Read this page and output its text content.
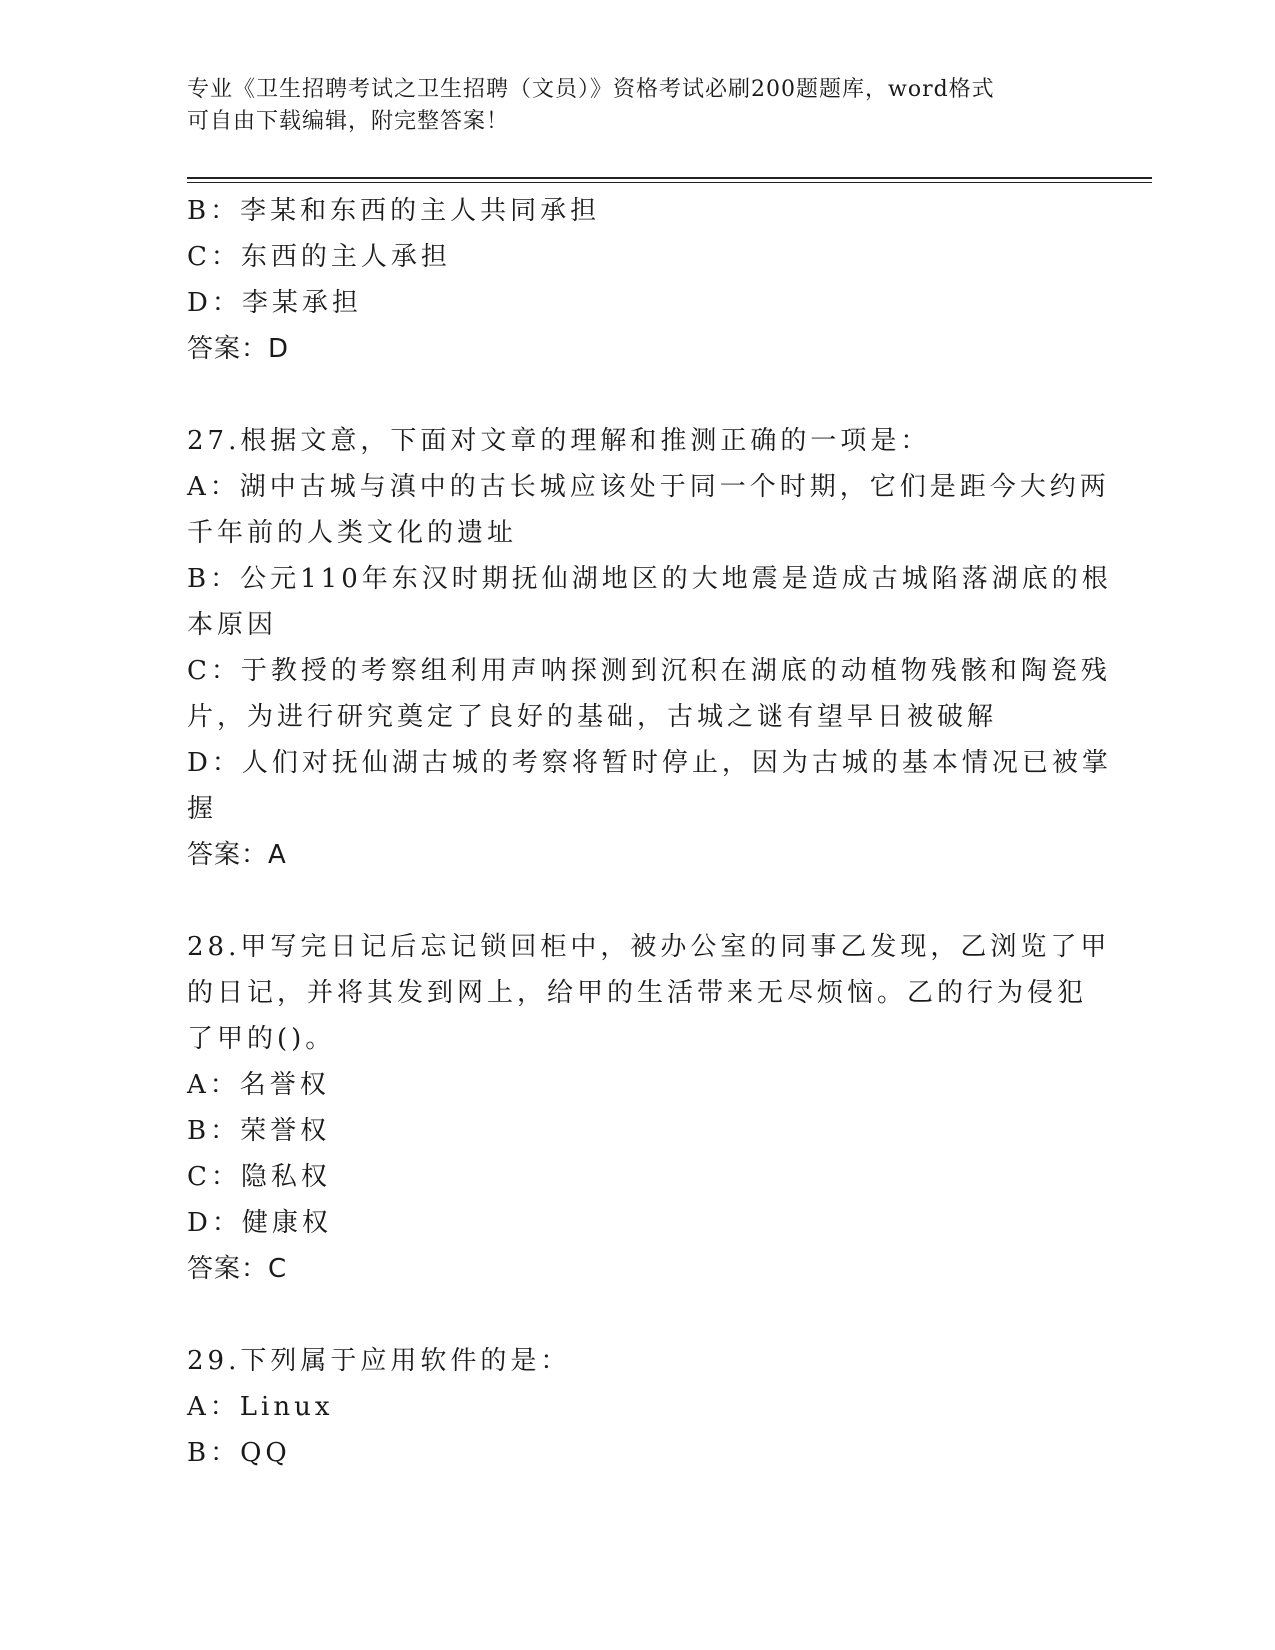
专业《卫生招聘考试之卫生招聘（文员）》资格考试必刷200题题库，word格式
可自由下载编辑，附完整答案！
B：李某和东西的主人共同承担
C：东西的主人承担
D：李某承担
答案：D
27.根据文意，下面对文章的理解和推测正确的一项是：
A：湖中古城与滇中的古长城应该处于同一个时期，它们是距今大约两
千年前的人类文化的遗址
B：公元110年东汉时期抚仙湖地区的大地震是造成古城陷落湖底的根
本原因
C：于教授的考察组利用声呐探测到沉积在湖底的动植物残骸和陶瓷残
片，为进行研究奠定了良好的基础，古城之谜有望早日被破解
D：人们对抚仙湖古城的考察将暂时停止，因为古城的基本情况已被掌
握
答案：A
28.甲写完日记后忘记锁回柜中，被办公室的同事乙发现，乙浏览了甲
的日记，并将其发到网上，给甲的生活带来无尽烦恼。乙的行为侵犯
了甲的()。
A：名誉权
B：荣誉权
C：隐私权
D：健康权
答案：C
29.下列属于应用软件的是：
A：Linux
B：QQ
